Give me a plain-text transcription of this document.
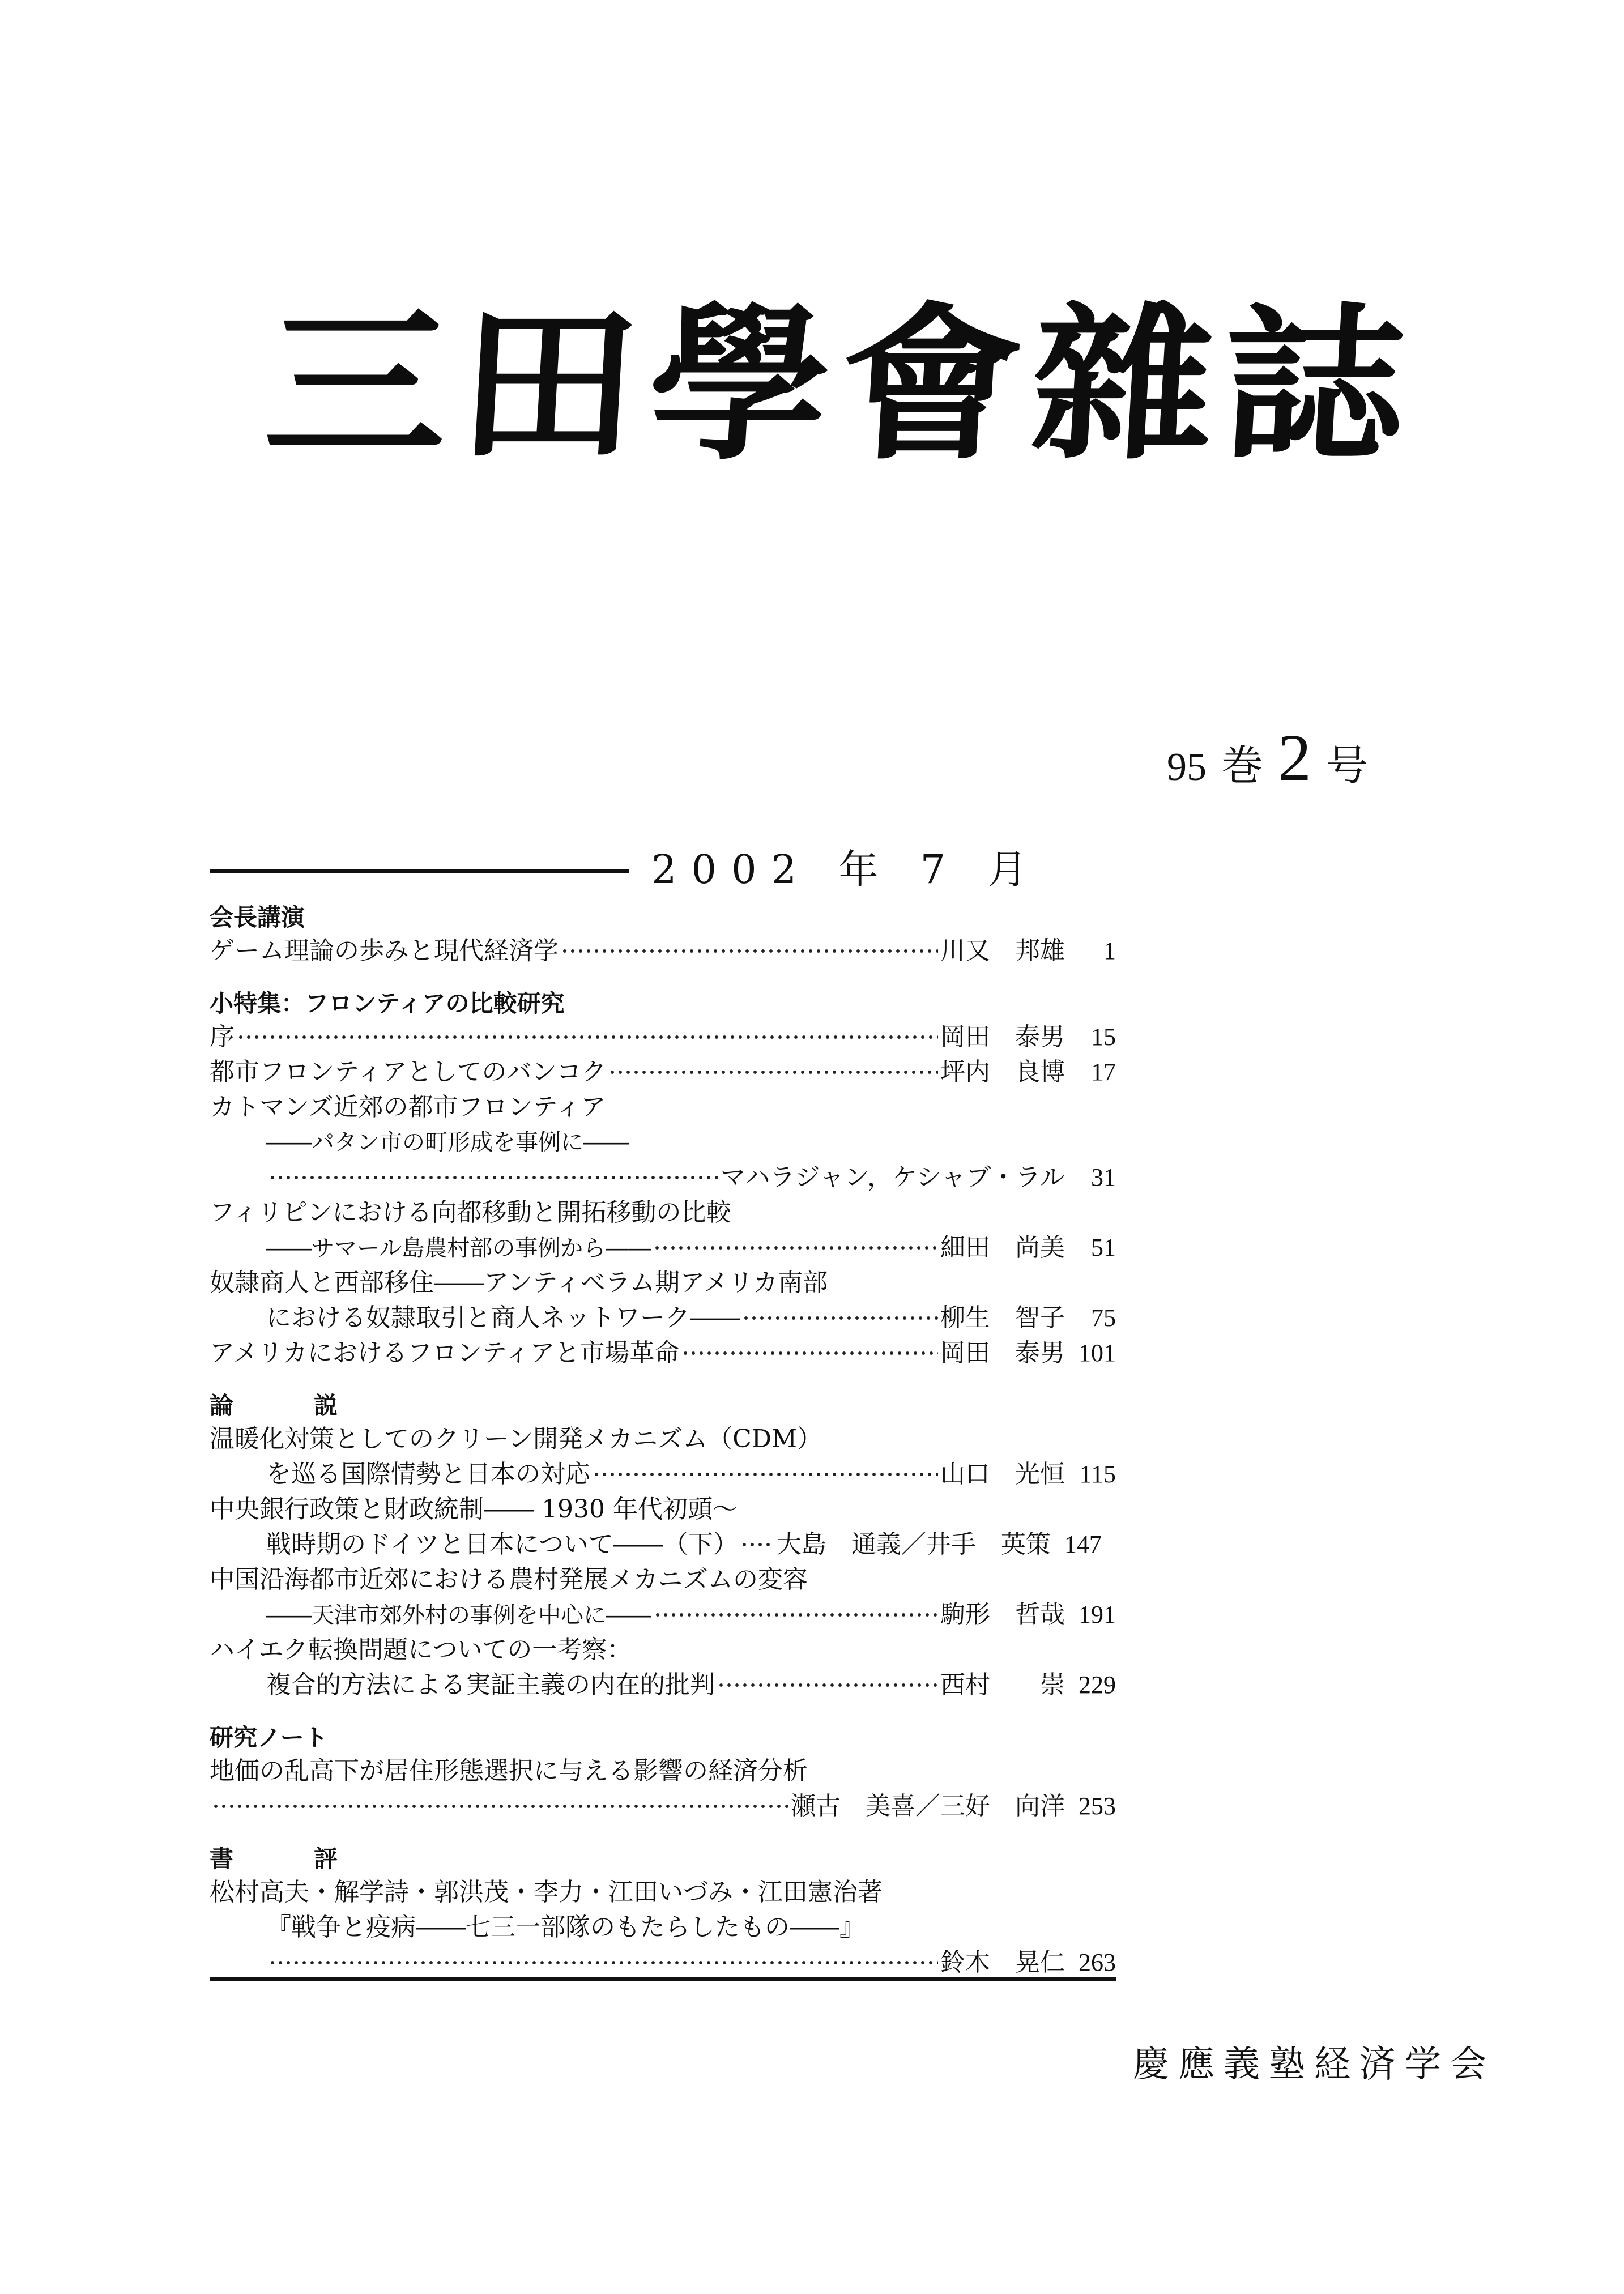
三
田
學
會
雜
誌
95 巻 2 号
2002 年 7 月
会長講演
ゲーム理論の歩みと現代経済学	川又　邦雄	1
小特集：フロンティアの比較研究
序	岡田　泰男	15
都市フロンティアとしてのバンコク	坪内　良博	17
カトマンズ近郊の都市フロンティア
――パタン市の町形成を事例に――
マハラジャン，ケシャブ・ラル	31
フィリピンにおける向都移動と開拓移動の比較
――サマール島農村部の事例から――	細田　尚美	51
奴隷商人と西部移住――アンティベラム期アメリカ南部
における奴隷取引と商人ネットワーク――	柳生　智子	75
アメリカにおけるフロンティアと市場革命	岡田　泰男 101
論　説
温暖化対策としてのクリーン開発メカニズム（CDM）
を巡る国際情勢と日本の対応	山口　光恒 115
中央銀行政策と財政統制―― 1930 年代初頭～
戦時期のドイツと日本について――（下） 大島　通義／井手　英策 147
中国沿海都市近郊における農村発展メカニズムの変容
――天津市郊外村の事例を中心に――	駒形　哲哉 191
ハイエク転換問題についての一考察：
複合的方法による実証主義の内在的批判	西村　　崇 229
研究ノート
地価の乱高下が居住形態選択に与える影響の経済分析
瀬古　美喜／三好　向洋 253
書　評
松村高夫・解学詩・郭洪茂・李力・江田いづみ・江田憲治著
『戦争と疫病――七三一部隊のもたらしたもの――』
鈴木　晃仁 263
慶應義塾経済学会
